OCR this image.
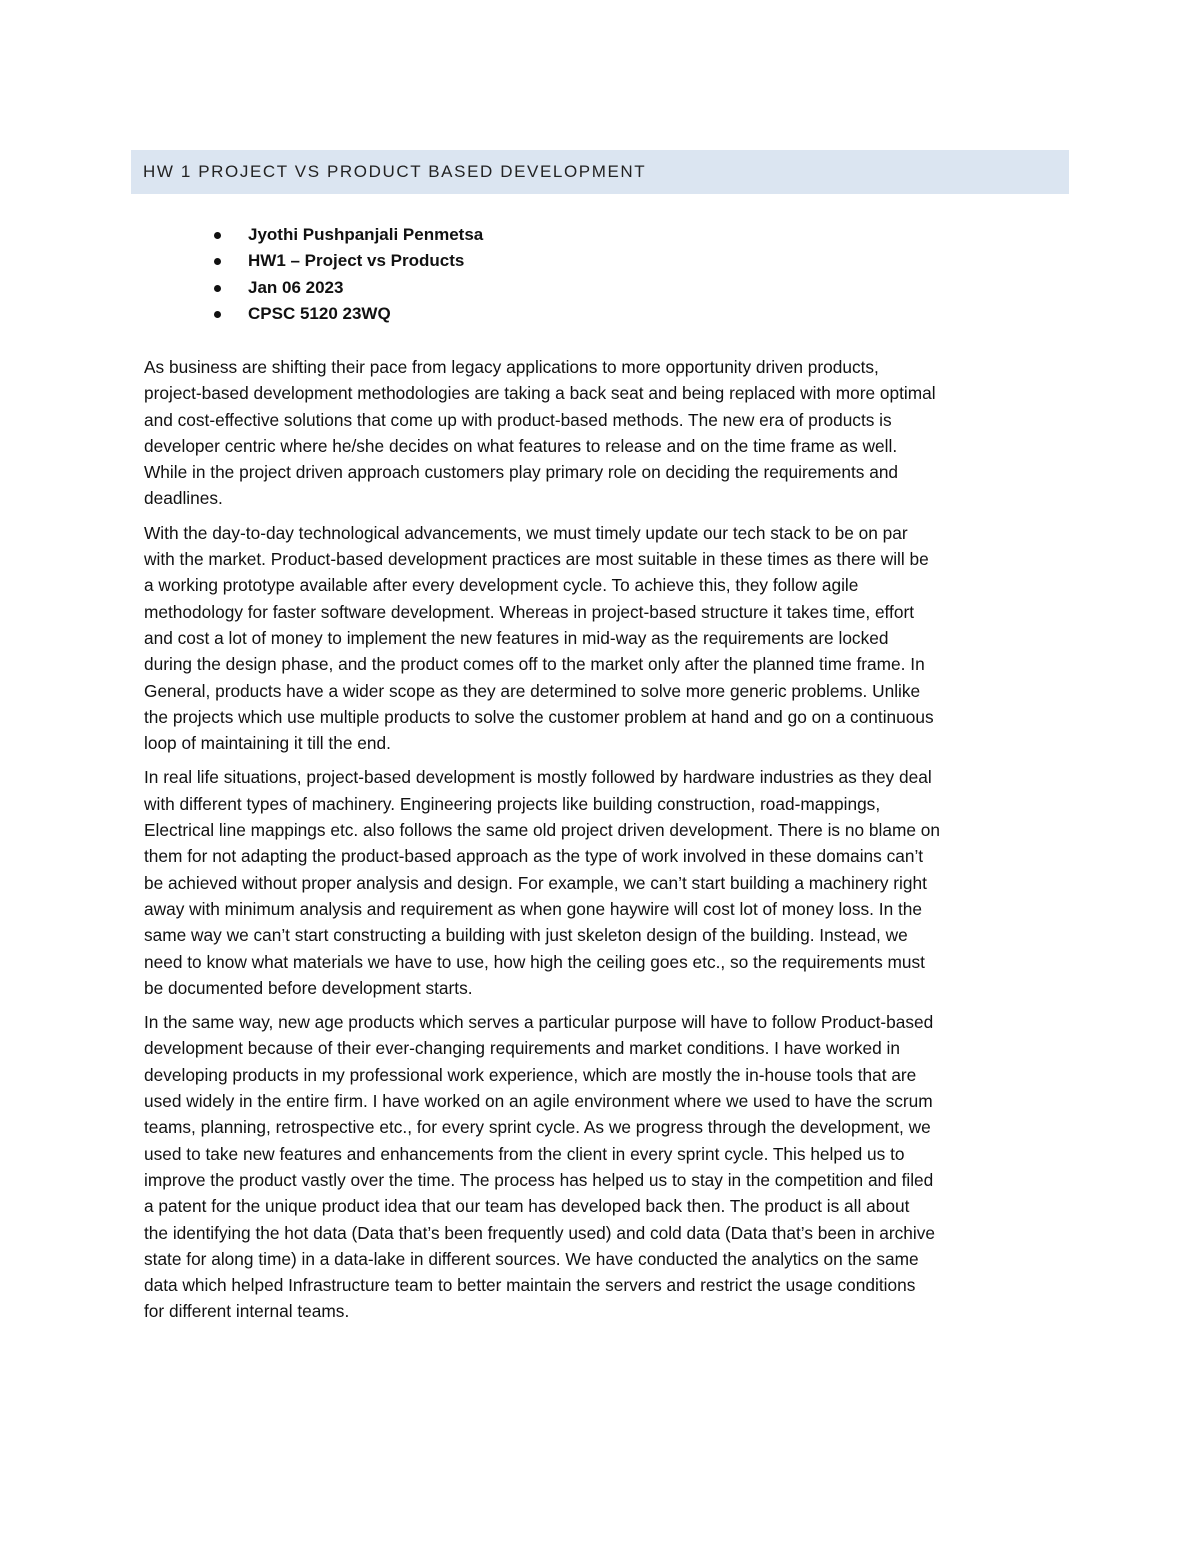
HW 1 PROJECT VS PRODUCT BASED DEVELOPMENT
Jyothi Pushpanjali Penmetsa
HW1 – Project vs Products
Jan 06 2023
CPSC 5120 23WQ

As business are shifting their pace from legacy applications to more opportunity driven products,
project-based development methodologies are taking a back seat and being replaced with more optimal
and cost-effective solutions that come up with product-based methods. The new era of products is
developer centric where he/she decides on what features to release and on the time frame as well.
While in the project driven approach customers play primary role on deciding the requirements and
deadlines.

With the day-to-day technological advancements, we must timely update our tech stack to be on par
with the market. Product-based development practices are most suitable in these times as there will be
a working prototype available after every development cycle. To achieve this, they follow agile
methodology for faster software development. Whereas in project-based structure it takes time, effort
and cost a lot of money to implement the new features in mid-way as the requirements are locked
during the design phase, and the product comes off to the market only after the planned time frame. In
General, products have a wider scope as they are determined to solve more generic problems. Unlike
the projects which use multiple products to solve the customer problem at hand and go on a continuous
loop of maintaining it till the end.

In real life situations, project-based development is mostly followed by hardware industries as they deal
with different types of machinery. Engineering projects like building construction, road-mappings,
Electrical line mappings etc. also follows the same old project driven development. There is no blame on
them for not adapting the product-based approach as the type of work involved in these domains can’t
be achieved without proper analysis and design. For example, we can’t start building a machinery right
away with minimum analysis and requirement as when gone haywire will cost lot of money loss. In the
same way we can’t start constructing a building with just skeleton design of the building. Instead, we
need to know what materials we have to use, how high the ceiling goes etc., so the requirements must
be documented before development starts.

In the same way, new age products which serves a particular purpose will have to follow Product-based
development because of their ever-changing requirements and market conditions. I have worked in
developing products in my professional work experience, which are mostly the in-house tools that are
used widely in the entire firm. I have worked on an agile environment where we used to have the scrum
teams, planning, retrospective etc., for every sprint cycle. As we progress through the development, we
used to take new features and enhancements from the client in every sprint cycle. This helped us to
improve the product vastly over the time. The process has helped us to stay in the competition and filed
a patent for the unique product idea that our team has developed back then. The product is all about
the identifying the hot data (Data that’s been frequently used) and cold data (Data that’s been in archive
state for along time) in a data-lake in different sources. We have conducted the analytics on the same
data which helped Infrastructure team to better maintain the servers and restrict the usage conditions
for different internal teams.
